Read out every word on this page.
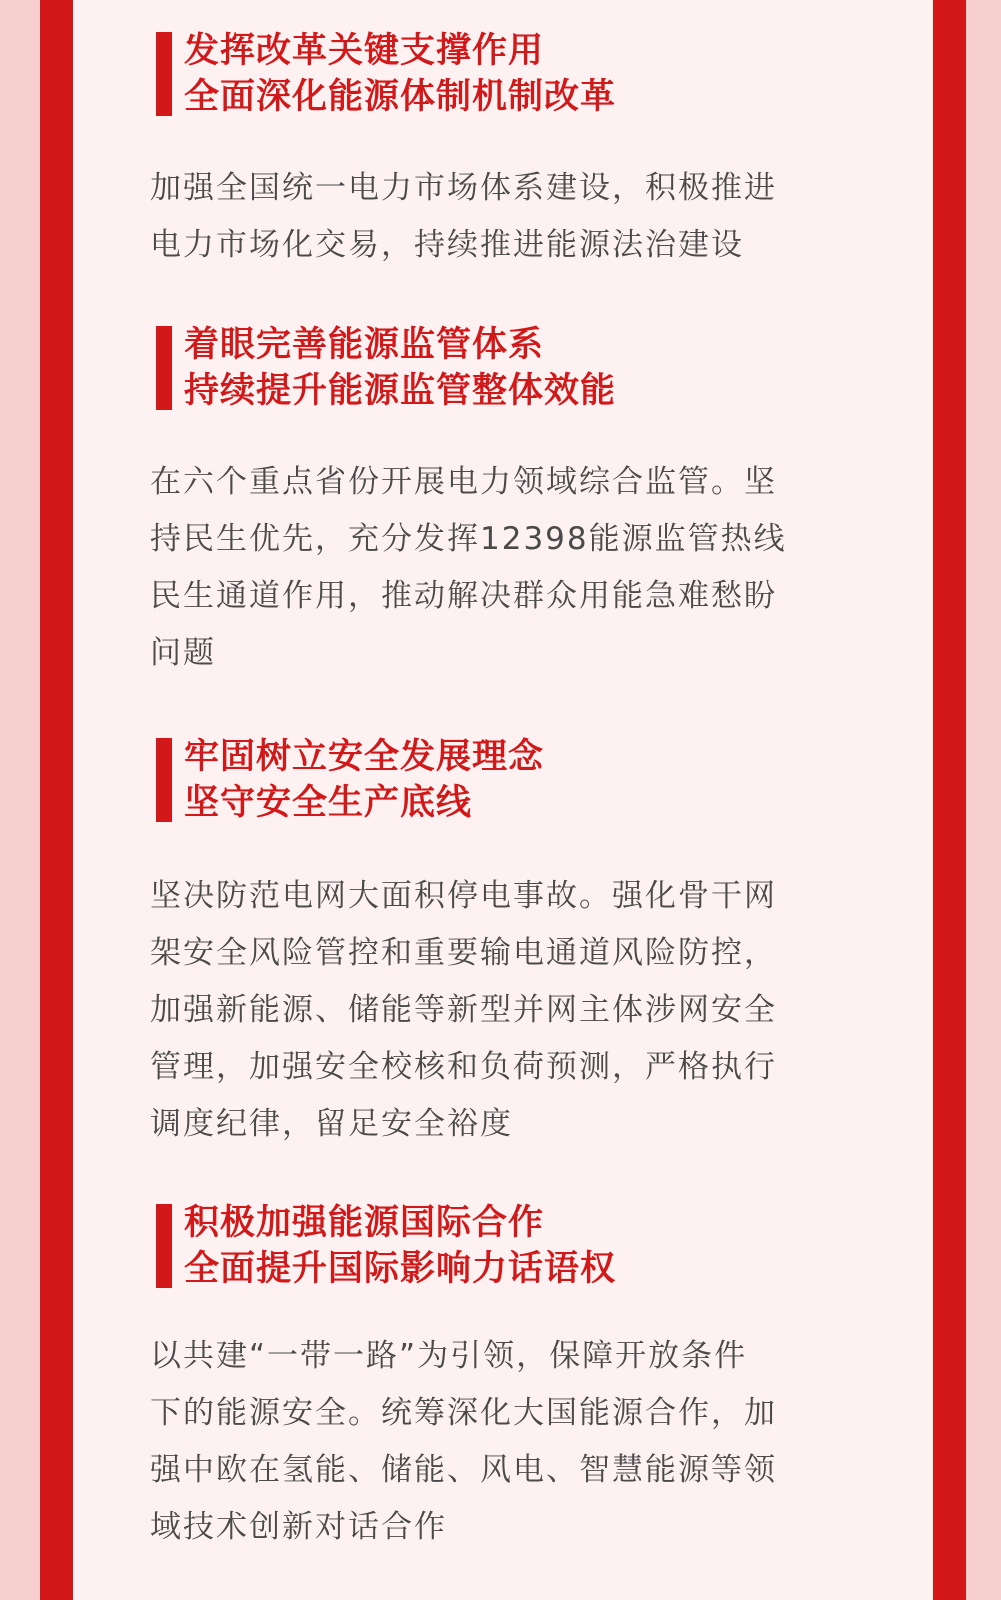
发挥改革关键支撑作用
全面深化能源体制机制改革
加强全国统一电力市场体系建设，积极推进
电力市场化交易，持续推进能源法治建设
着眼完善能源监管体系
持续提升能源监管整体效能
在六个重点省份开展电力领域综合监管。坚
持民生优先，充分发挥12398能源监管热线
民生通道作用，推动解决群众用能急难愁盼
问题
牢固树立安全发展理念
坚守安全生产底线
坚决防范电网大面积停电事故。强化骨干网
架安全风险管控和重要输电通道风险防控，
加强新能源、储能等新型并网主体涉网安全
管理，加强安全校核和负荷预测，严格执行
调度纪律，留足安全裕度
积极加强能源国际合作
全面提升国际影响力话语权
以共建“一带一路”为引领，保障开放条件
下的能源安全。统筹深化大国能源合作，加
强中欧在氢能、储能、风电、智慧能源等领
域技术创新对话合作
